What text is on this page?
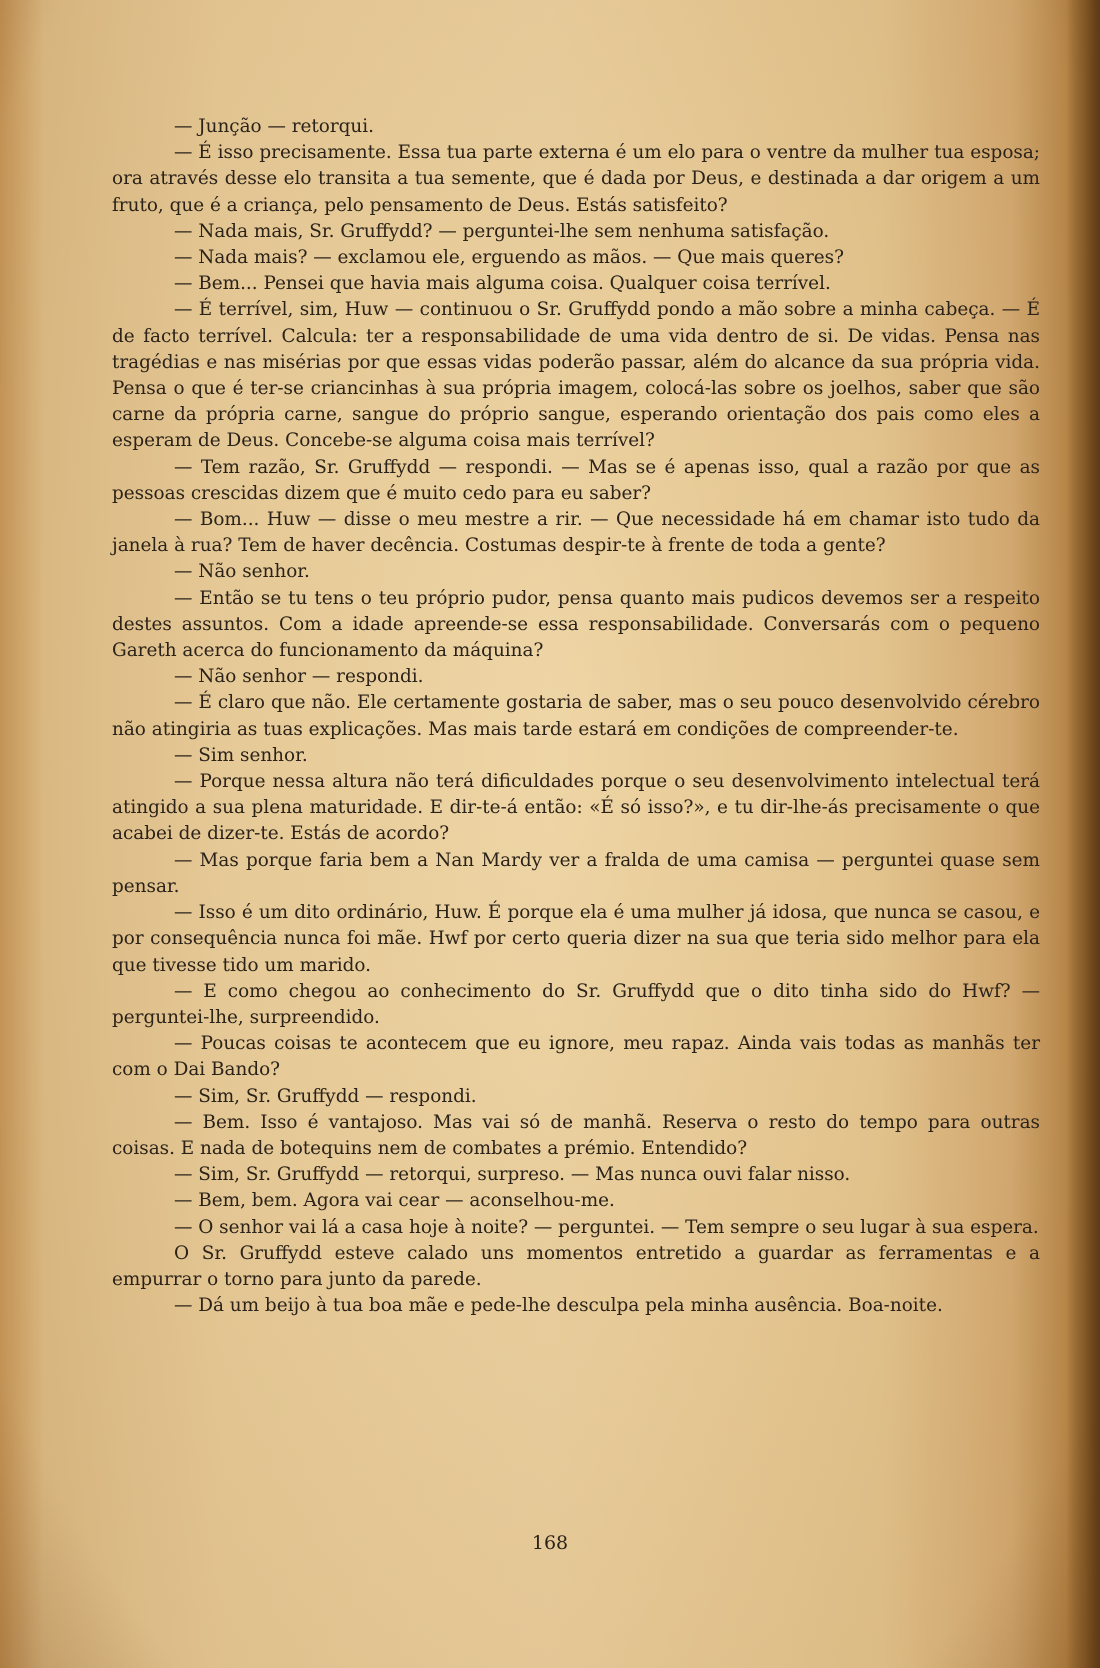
— Junção — retorqui.

— É isso precisamente. Essa tua parte externa é um elo para o ventre da mulher tua esposa; ora através desse elo transita a tua semente, que é dada por Deus, e destinada a dar origem a um fruto, que é a criança, pelo pensamento de Deus. Estás satisfeito?

— Nada mais, Sr. Gruffydd? — perguntei-lhe sem nenhuma satisfação.

— Nada mais? — exclamou ele, erguendo as mãos. — Que mais queres?

— Bem... Pensei que havia mais alguma coisa. Qualquer coisa terrível.

— É terrível, sim, Huw — continuou o Sr. Gruffydd pondo a mão sobre a minha cabeça. — É de facto terrível. Calcula: ter a responsabilidade de uma vida dentro de si. De vidas. Pensa nas tragédias e nas misérias por que essas vidas poderão passar, além do alcance da sua própria vida. Pensa o que é ter-se criancinhas à sua própria imagem, colocá-las sobre os joelhos, saber que são carne da própria carne, sangue do próprio sangue, esperando orientação dos pais como eles a esperam de Deus. Concebe-se alguma coisa mais terrível?

— Tem razão, Sr. Gruffydd — respondi. — Mas se é apenas isso, qual a razão por que as pessoas crescidas dizem que é muito cedo para eu saber?

— Bom... Huw — disse o meu mestre a rir. — Que necessidade há em chamar isto tudo da janela à rua? Tem de haver decência. Costumas despir-te à frente de toda a gente?

— Não senhor.

— Então se tu tens o teu próprio pudor, pensa quanto mais pudicos devemos ser a respeito destes assuntos. Com a idade apreende-se essa responsabilidade. Conversarás com o pequeno Gareth acerca do funcionamento da máquina?

— Não senhor — respondi.

— É claro que não. Ele certamente gostaria de saber, mas o seu pouco desenvolvido cérebro não atingiria as tuas explicações. Mas mais tarde estará em condições de compreender-te.

— Sim senhor.

— Porque nessa altura não terá dificuldades porque o seu desenvolvimento intelectual terá atingido a sua plena maturidade. E dir-te-á então: «É só isso?», e tu dir-lhe-ás precisamente o que acabei de dizer-te. Estás de acordo?

— Mas porque faria bem a Nan Mardy ver a fralda de uma camisa — perguntei quase sem pensar.

— Isso é um dito ordinário, Huw. É porque ela é uma mulher já idosa, que nunca se casou, e por consequência nunca foi mãe. Hwf por certo queria dizer na sua que teria sido melhor para ela que tivesse tido um marido.

— E como chegou ao conhecimento do Sr. Gruffydd que o dito tinha sido do Hwf? — perguntei-lhe, surpreendido.

— Poucas coisas te acontecem que eu ignore, meu rapaz. Ainda vais todas as manhãs ter com o Dai Bando?

— Sim, Sr. Gruffydd — respondi.

— Bem. Isso é vantajoso. Mas vai só de manhã. Reserva o resto do tempo para outras coisas. E nada de botequins nem de combates a prémio. Entendido?

— Sim, Sr. Gruffydd — retorqui, surpreso. — Mas nunca ouvi falar nisso.

— Bem, bem. Agora vai cear — aconselhou-me.

— O senhor vai lá a casa hoje à noite? — perguntei. — Tem sempre o seu lugar à sua espera.

O Sr. Gruffydd esteve calado uns momentos entretido a guardar as ferramentas e a empurrar o torno para junto da parede.

— Dá um beijo à tua boa mãe e pede-lhe desculpa pela minha ausência. Boa-noite.

168
